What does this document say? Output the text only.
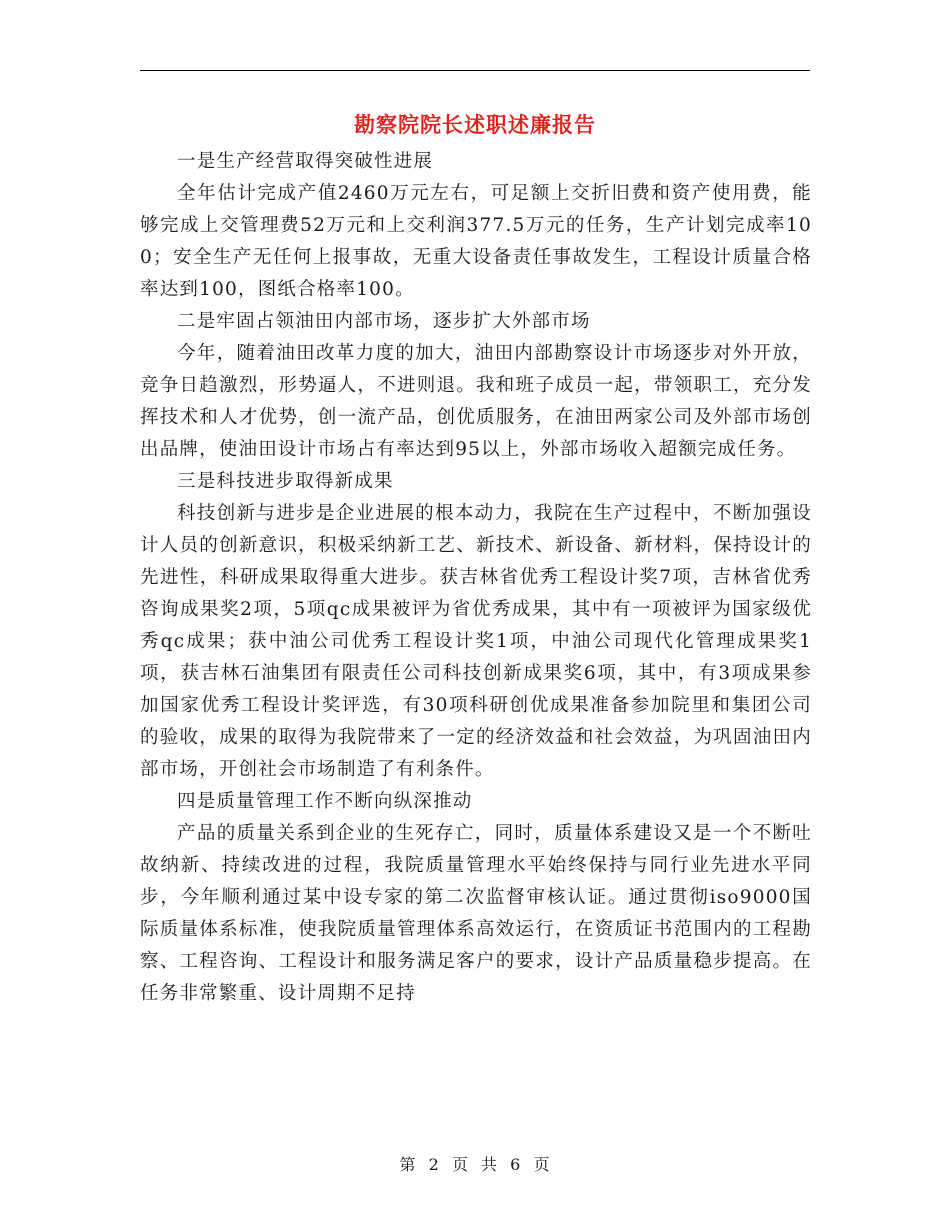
勘察院院长述职述廉报告

一是生产经营取得突破性进展

全年估计完成产值2460万元左右，可足额上交折旧费和资产使用费，能够完成上交管理费52万元和上交利润377.5万元的任务，生产计划完成率100；安全生产无任何上报事故，无重大设备责任事故发生，工程设计质量合格率达到100，图纸合格率100。

二是牢固占领油田内部市场，逐步扩大外部市场

今年，随着油田改革力度的加大，油田内部勘察设计市场逐步对外开放，竞争日趋激烈，形势逼人，不进则退。我和班子成员一起，带领职工，充分发挥技术和人才优势，创一流产品，创优质服务，在油田两家公司及外部市场创出品牌，使油田设计市场占有率达到95以上，外部市场收入超额完成任务。

三是科技进步取得新成果

科技创新与进步是企业进展的根本动力，我院在生产过程中，不断加强设计人员的创新意识，积极采纳新工艺、新技术、新设备、新材料，保持设计的先进性，科研成果取得重大进步。获吉林省优秀工程设计奖7项，吉林省优秀咨询成果奖2项，5项qc成果被评为省优秀成果，其中有一项被评为国家级优秀qc成果；获中油公司优秀工程设计奖1项，中油公司现代化管理成果奖1项，获吉林石油集团有限责任公司科技创新成果奖6项，其中，有3项成果参加国家优秀工程设计奖评选，有30项科研创优成果准备参加院里和集团公司的验收，成果的取得为我院带来了一定的经济效益和社会效益，为巩固油田内部市场，开创社会市场制造了有利条件。

四是质量管理工作不断向纵深推动

产品的质量关系到企业的生死存亡，同时，质量体系建设又是一个不断吐故纳新、持续改进的过程，我院质量管理水平始终保持与同行业先进水平同步，今年顺利通过某中设专家的第二次监督审核认证。通过贯彻iso9000国际质量体系标准，使我院质量管理体系高效运行，在资质证书范围内的工程勘察、工程咨询、工程设计和服务满足客户的要求，设计产品质量稳步提高。在任务非常繁重、设计周期不足持

第 2 页 共 6 页
